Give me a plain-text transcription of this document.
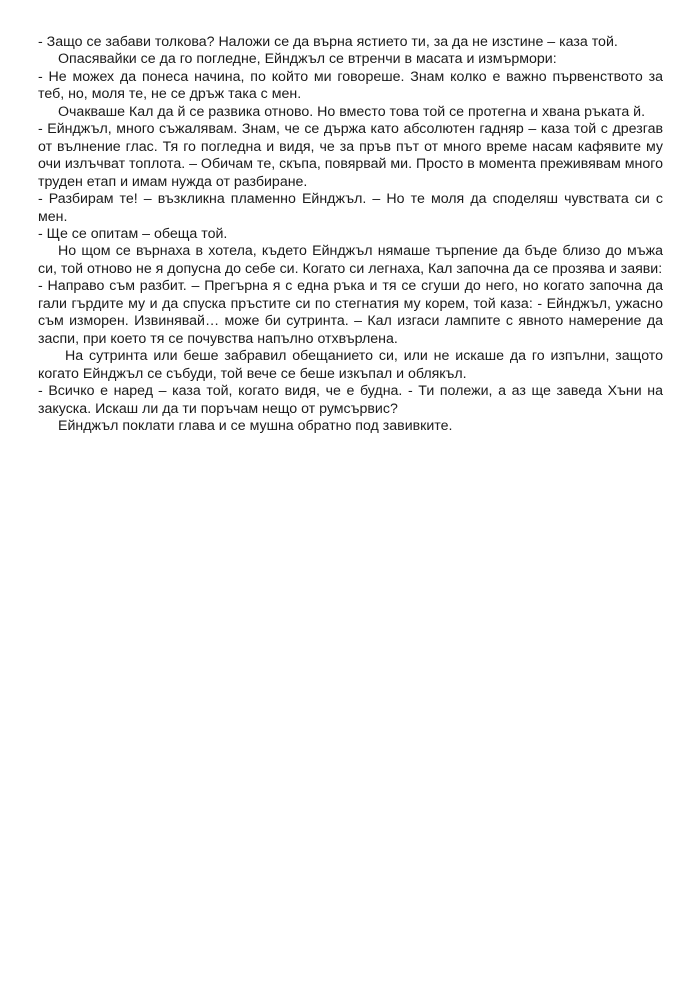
- Защо се забави толкова? Наложи се да върна ястието ти, за да не изстине – каза той.

Опасявайки се да го погледне, Ейнджъл се втренчи в масата и измърмори:

- Не можех да понеса начина, по който ми говореше. Знам колко е важно първенството за теб, но, моля те, не се дръж така с мен.

Очакваше Кал да й се развика отново. Но вместо това той се протегна и хвана ръката й.

- Ейнджъл, много съжалявам. Знам, че се държа като абсолютен гадняр – каза той с дрезгав от вълнение глас. Тя го погледна и видя, че за пръв път от много време насам кафявите му очи излъчват топлота. – Обичам те, скъпа, повярвай ми. Просто в момента преживявам много труден етап и имам нужда от разбиране.

- Разбирам те! – възкликна пламенно Ейнджъл. – Но те моля да споделяш чувствата си с мен.

- Ще се опитам – обеща той.

Но щом се върнаха в хотела, където Ейнджъл нямаше търпение да бъде близо до мъжа си, той отново не я допусна до себе си. Когато си легнаха, Кал започна да се прозява и заяви:

- Направо съм разбит. – Прегърна я с една ръка и тя се сгуши до него, но когато започна да гали гърдите му и да спуска пръстите си по стегнатия му корем, той каза: - Ейнджъл, ужасно съм изморен. Извинявай… може би сутринта. – Кал изгаси лампите с явното намерение да заспи, при което тя се почувства напълно отхвърлена.

На сутринта или беше забравил обещанието си, или не искаше да го изпълни, защото когато Ейнджъл се събуди, той вече се беше изкъпал и облякъл.

- Всичко е наред – каза той, когато видя, че е будна. - Ти полежи, а аз ще заведа Хъни на закуска. Искаш ли да ти поръчам нещо от румсървис?

Ейнджъл поклати глава и се мушна обратно под завивките.
